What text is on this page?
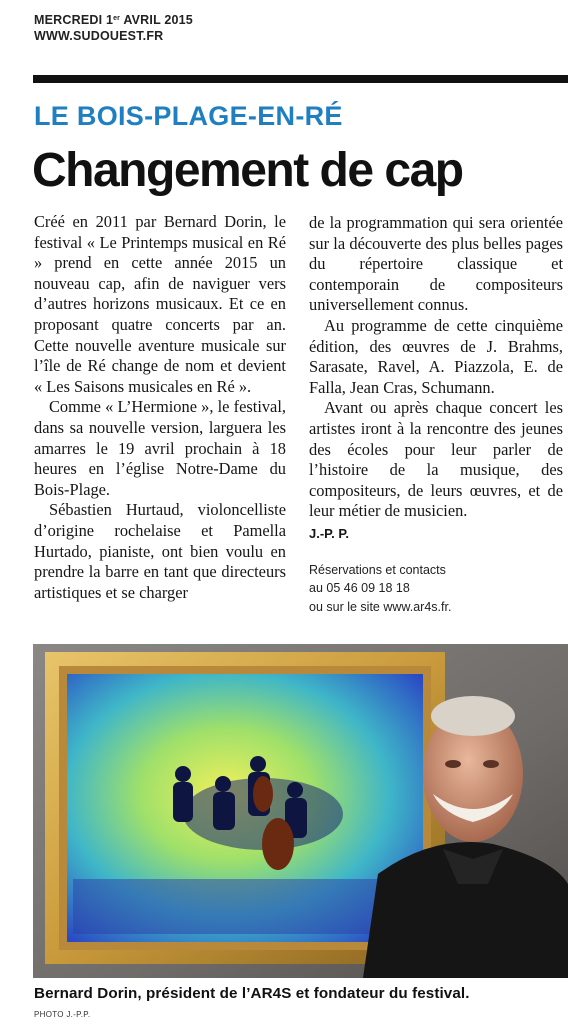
MERCREDI 1er AVRIL 2015
WWW.SUDOUEST.FR
LE BOIS-PLAGE-EN-RÉ
Changement de cap

Créé en 2011 par Bernard Dorin, le festival « Le Printemps musical en Ré » prend en cette année 2015 un nouveau cap, afin de naviguer vers d’autres horizons musicaux. Et ce en proposant quatre concerts par an. Cette nouvelle aventure musicale sur l’île de Ré change de nom et devient « Les Saisons musicales en Ré ».

Comme « L’Hermione », le festival, dans sa nouvelle version, larguera les amarres le 19 avril prochain à 18 heures en l’église Notre-Dame du Bois-Plage.

Sébastien Hurtaud, violoncelliste d’origine rochelaise et Pamella Hurtado, pianiste, ont bien voulu en prendre la barre en tant que directeurs artistiques et se charger

de la programmation qui sera orientée sur la découverte des plus belles pages du répertoire classique et contemporain de compositeurs universellement connus.

Au programme de cette cinquième édition, des œuvres de J. Brahms, Sarasate, Ravel, A. Piazzola, E. de Falla, Jean Cras, Schumann.

Avant ou après chaque concert les artistes iront à la rencontre des jeunes des écoles pour leur parler de l’histoire de la musique, des compositeurs, de leurs œuvres, et de leur métier de musicien.

J.-P. P.

Réservations et contacts
au 05 46 09 18 18
ou sur le site www.ar4s.fr.
Bernard Dorin, président de l’AR4S et fondateur du festival.
PHOTO J.-P.P.
